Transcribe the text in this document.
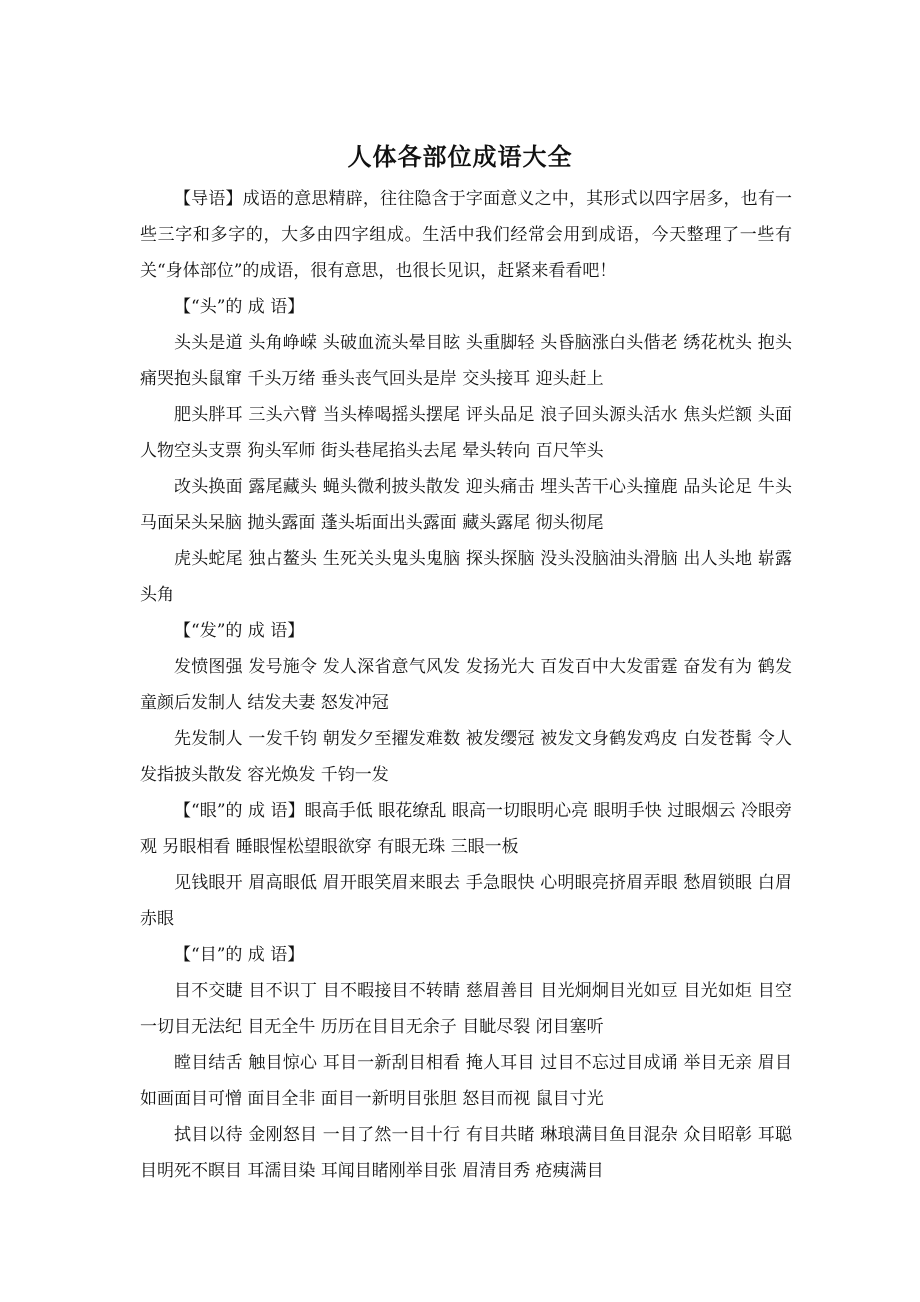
人体各部位成语大全

【导语】成语的意思精辟，往往隐含于字面意义之中，其形式以四字居多，也有一些三字和多字的，大多由四字组成。生活中我们经常会用到成语，今天整理了一些有关“身体部位”的成语，很有意思，也很长见识，赶紧来看看吧！

【“头”的 成 语】

头头是道 头角峥嵘 头破血流头晕目眩 头重脚轻 头昏脑涨白头偕老 绣花枕头 抱头痛哭抱头鼠窜 千头万绪 垂头丧气回头是岸 交头接耳 迎头赶上

肥头胖耳 三头六臂 当头棒喝摇头摆尾 评头品足 浪子回头源头活水 焦头烂额 头面人物空头支票 狗头军师 街头巷尾掐头去尾 晕头转向 百尺竿头

改头换面 露尾藏头 蝇头微利披头散发 迎头痛击 埋头苦干心头撞鹿 品头论足 牛头马面呆头呆脑 抛头露面 蓬头垢面出头露面 藏头露尾 彻头彻尾

虎头蛇尾 独占鳌头 生死关头鬼头鬼脑 探头探脑 没头没脑油头滑脑 出人头地 崭露头角

【“发”的 成 语】

发愤图强 发号施令 发人深省意气风发 发扬光大 百发百中大发雷霆 奋发有为 鹤发童颜后发制人 结发夫妻 怒发冲冠

先发制人 一发千钧 朝发夕至擢发难数 被发缨冠 被发文身鹤发鸡皮 白发苍髯 令人发指披头散发 容光焕发 千钧一发

【“眼”的 成 语】眼高手低 眼花缭乱 眼高一切眼明心亮 眼明手快 过眼烟云 冷眼旁观 另眼相看 睡眼惺松望眼欲穿 有眼无珠 三眼一板

见钱眼开 眉高眼低 眉开眼笑眉来眼去 手急眼快 心明眼亮挤眉弄眼 愁眉锁眼 白眉赤眼

【“目”的 成 语】

目不交睫 目不识丁 目不暇接目不转睛 慈眉善目 目光炯炯目光如豆 目光如炬 目空一切目无法纪 目无全牛 历历在目目无余子 目眦尽裂 闭目塞听

瞠目结舌 触目惊心 耳目一新刮目相看 掩人耳目 过目不忘过目成诵 举目无亲 眉目如画面目可憎 面目全非 面目一新明目张胆 怒目而视 鼠目寸光

拭目以待 金刚怒目 一目了然一目十行 有目共睹 琳琅满目鱼目混杂 众目昭彰 耳聪目明死不瞑目 耳濡目染 耳闻目睹刚举目张 眉清目秀 疮痍满目
